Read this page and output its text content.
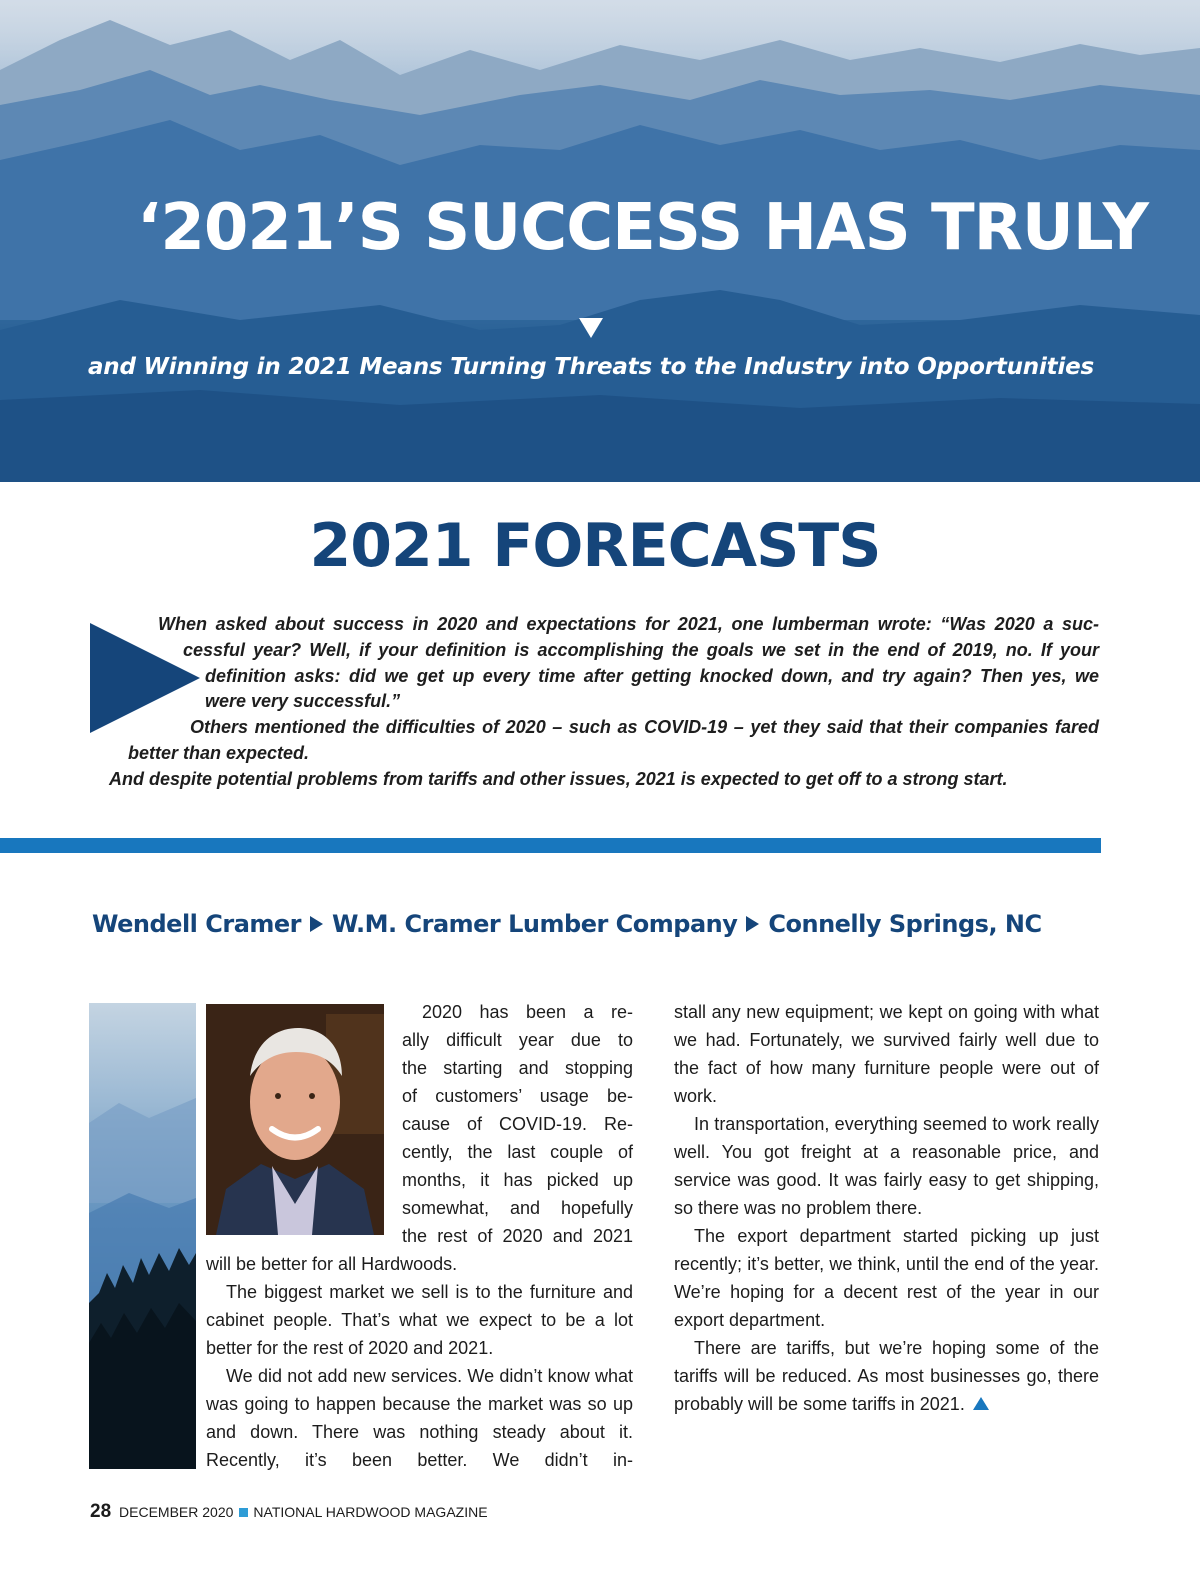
‘2021’S SUCCESS HAS TRULY
and Winning in 2021 Means Turning Threats to the Industry into Opportunities
2021 FORECASTS
When asked about success in 2020 and expectations for 2021, one lumberman wrote: “Was 2020 a suc-
cessful year? Well, if your definition is accomplishing the goals we set in the end of 2019, no. If your
definition asks: did we get up every time after getting knocked down, and try again? Then yes, we
were very successful.”
Others mentioned the difficulties of 2020 – such as COVID-19 – yet they said that their companies fared
better than expected.
And despite potential problems from tariffs and other issues, 2021 is expected to get off to a strong start.
Wendell Cramer W.M. Cramer Lumber Company Connelly Springs, NC
2020 has been a re-
ally difficult year due to
the starting and stopping
of customers’ usage be-
cause of COVID-19. Re-
cently, the last couple of
months, it has picked up
somewhat, and hopefully
the rest of 2020 and 2021

will be better for all Hardwoods.

The biggest market we sell is to the furniture and cabinet people. That’s what we expect to be a lot better for the rest of 2020 and 2021.

We did not add new services. We didn’t know what was going to happen because the market was so up and down. There was nothing steady about it. Recently, it’s been better. We didn’t in-

stall any new equipment; we kept on going with what we had. Fortunately, we survived fairly well due to the fact of how many furniture people were out of work.

In transportation, everything seemed to work really well. You got freight at a reasonable price, and service was good. It was fairly easy to get shipping, so there was no problem there.

The export department started picking up just recently; it’s better, we think, until the end of the year. We’re hoping for a decent rest of the year in our export department.

There are tariffs, but we’re hoping some of the tariffs will be reduced. As most businesses go, there probably will be some tariffs in 2021.

28 DECEMBER 2020 NATIONAL HARDWOOD MAGAZINE
